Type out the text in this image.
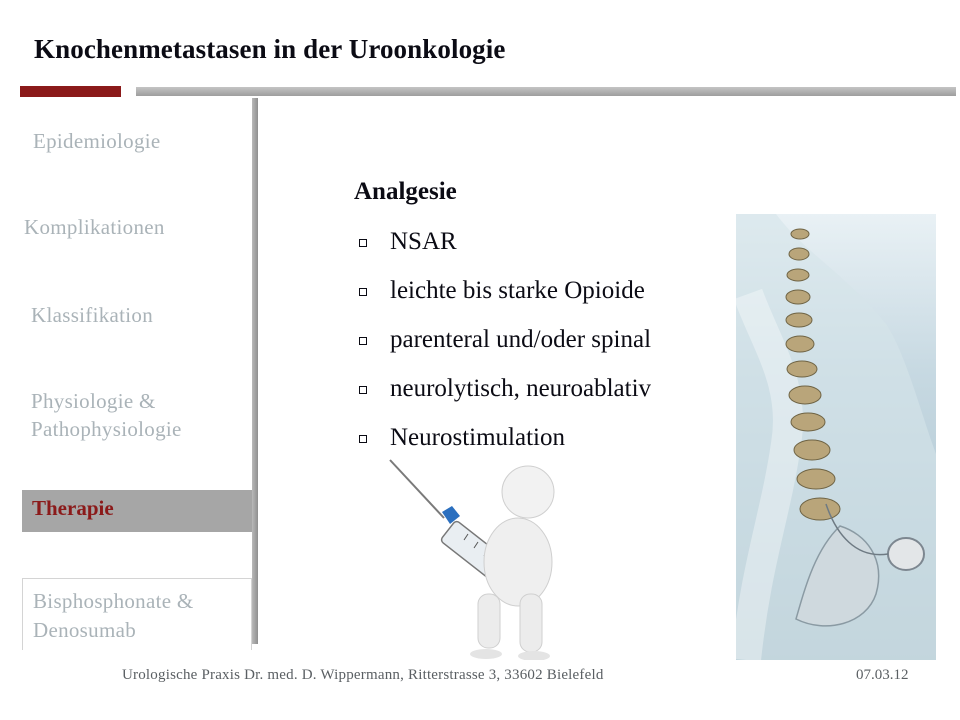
Knochenmetastasen in der Uroonkologie
Epidemiologie
Komplikationen
Klassifikation
Physiologie &
Pathophysiologie
Therapie
Bisphosphonate &
Denosumab
Analgesie
NSAR
leichte bis starke Opioide
parenteral und/oder spinal
neurolytisch, neuroablativ
Neurostimulation
Urologische Praxis Dr. med. D. Wippermann, Ritterstrasse 3, 33602 Bielefeld	07.03.12
